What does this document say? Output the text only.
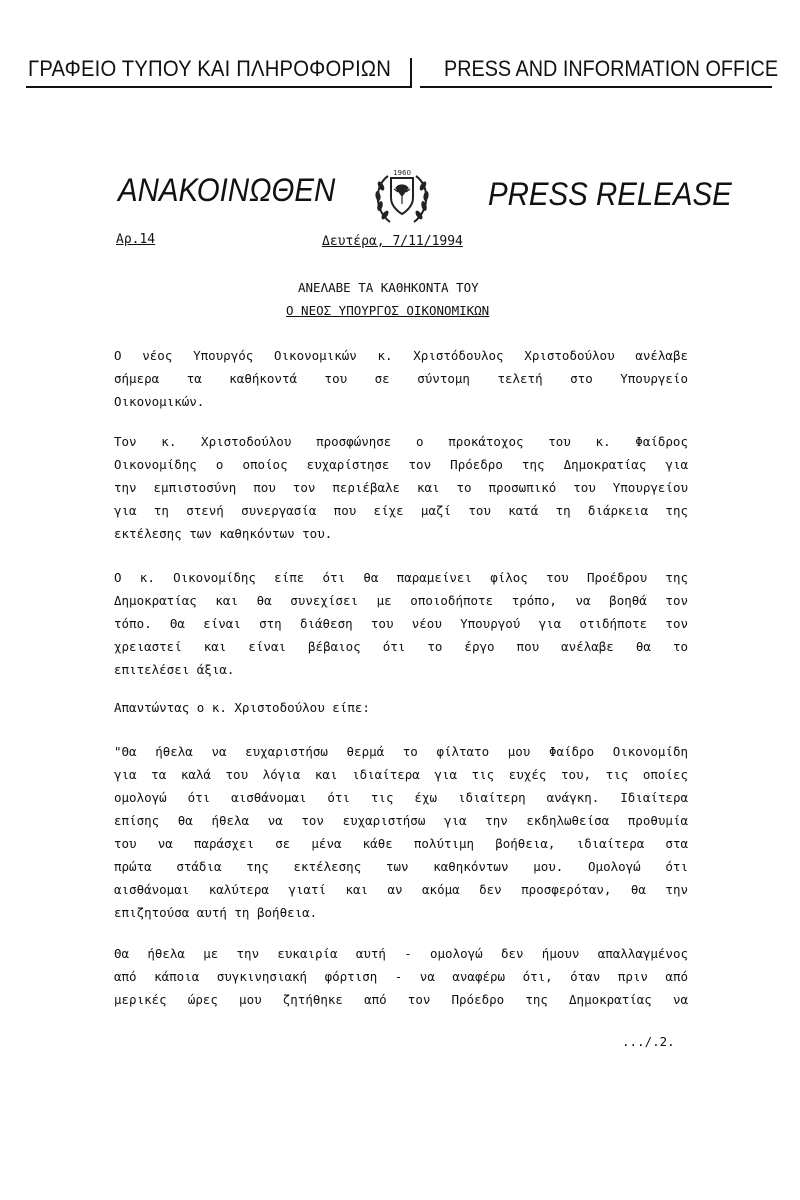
ΓΡΑΦΕΙΟ ΤΥΠΟΥ ΚΑΙ ΠΛΗΡΟΦΟΡΙΩΝ PRESS AND INFORMATION OFFICE
ΑΝΑΚΟΙΝΩΘΕΝ	1960
PRESS RELEASE
Αρ.14	Δευτέρα, 7/11/1994
ΑΝΕΛΑΒΕ ΤΑ ΚΑΘΗΚΟΝΤΑ ΤΟΥ
Ο ΝΕΟΣ ΥΠΟΥΡΓΟΣ ΟΙΚΟΝΟΜΙΚΩΝ
Ο νέος Υπουργός Οικονομικών κ. Χριστόδουλος Χριστοδούλου ανέλαβε
σήμερα τα καθήκοντά του σε σύντομη τελετή στο Υπουργείο
Οικονομικών.
Τον κ. Χριστοδούλου προσφώνησε ο προκάτοχος του κ. Φαίδρος
Οικονομίδης ο οποίος ευχαρίστησε τον Πρόεδρο της Δημοκρατίας για
την εμπιστοσύνη που τον περιέβαλε και το προσωπικό του Υπουργείου
για τη στενή συνεργασία που είχε μαζί του κατά τη διάρκεια της
εκτέλεσης των καθηκόντων του.
Ο κ. Οικονομίδης είπε ότι θα παραμείνει φίλος του Προέδρου της
Δημοκρατίας και θα συνεχίσει με οποιοδήποτε τρόπο, να βοηθά τον
τόπο. Θα είναι στη διάθεση του νέου Υπουργού για οτιδήποτε τον
χρειαστεί και είναι βέβαιος ότι το έργο που ανέλαβε θα το
επιτελέσει άξια.
Απαντώντας ο κ. Χριστοδούλου είπε:
"Θα ήθελα να ευχαριστήσω θερμά το φίλτατο μου Φαίδρο Οικονομίδη
για τα καλά του λόγια και ιδιαίτερα για τις ευχές του, τις οποίες
ομολογώ ότι αισθάνομαι ότι τις έχω ιδιαίτερη ανάγκη. Ιδιαίτερα
επίσης θα ήθελα να τον ευχαριστήσω για την εκδηλωθείσα προθυμία
του να παράσχει σε μένα κάθε πολύτιμη βοήθεια, ιδιαίτερα στα
πρώτα στάδια της εκτέλεσης των καθηκόντων μου. Ομολογώ ότι
αισθάνομαι καλύτερα γιατί και αν ακόμα δεν προσφερόταν, θα την
επιζητούσα αυτή τη βοήθεια.
Θα ήθελα με την ευκαιρία αυτή - ομολογώ δεν ήμουν απαλλαγμένος
από κάποια συγκινησιακή φόρτιση - να αναφέρω ότι, όταν πριν από
μερικές ώρες μου ζητήθηκε από τον Πρόεδρο της Δημοκρατίας να
.../.2.
